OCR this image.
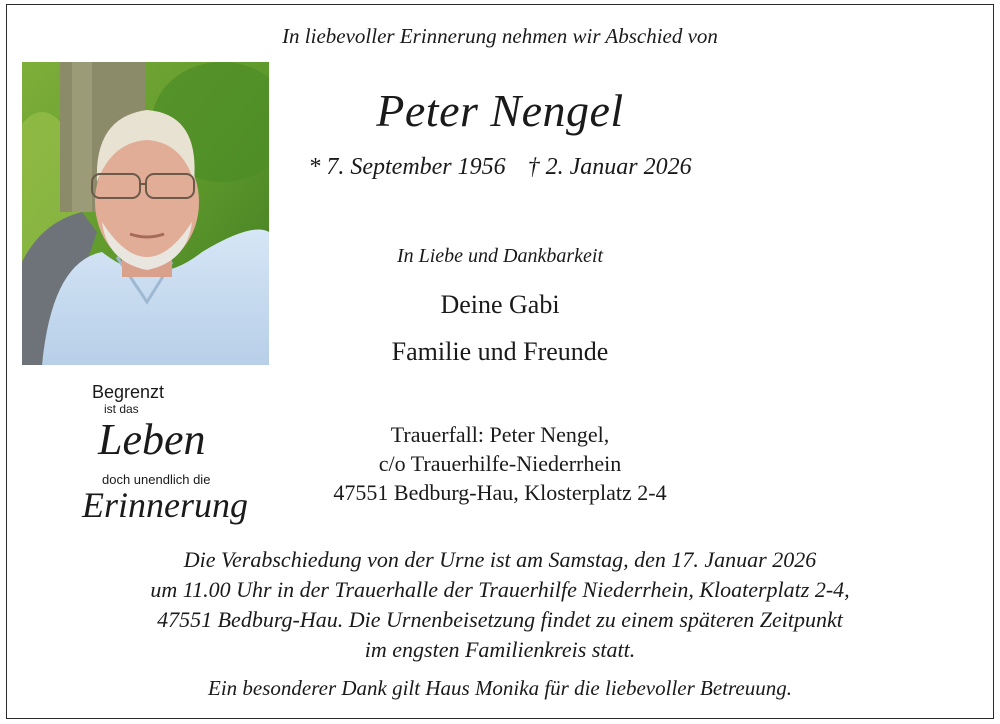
In liebevoller Erinnerung nehmen wir Abschied von
Peter Nengel
* 7. September 1956 † 2. Januar 2026
In Liebe und Dankbarkeit
Deine Gabi
Familie und Freunde
Begrenzt
ist das
Leben
doch unendlich die
Erinnerung
Trauerfall: Peter Nengel,
c/o Trauerhilfe-Niederrhein
47551 Bedburg-Hau, Klosterplatz 2-4
Die Verabschiedung von der Urne ist am Samstag, den 17. Januar 2026
um 11.00 Uhr in der Trauerhalle der Trauerhilfe Niederrhein, Kloaterplatz 2-4,
47551 Bedburg-Hau. Die Urnenbeisetzung findet zu einem späteren Zeitpunkt
im engsten Familienkreis statt.
Ein besonderer Dank gilt Haus Monika für die liebevoller Betreuung.
